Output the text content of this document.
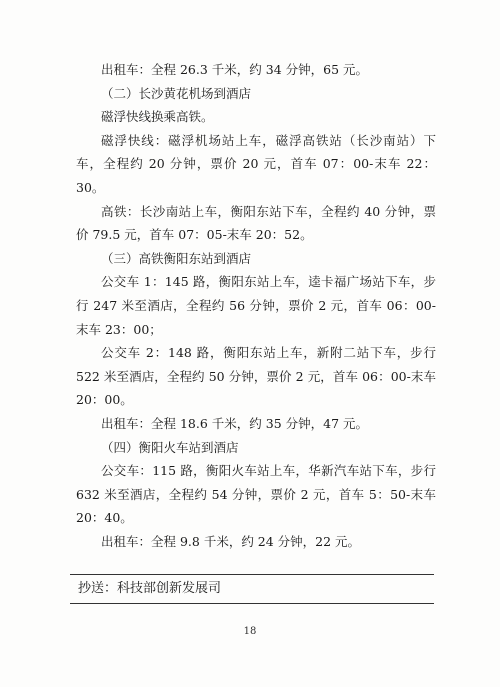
出租车：全程 26.3 千米，约 34 分钟，65 元。

（二）长沙黄花机场到酒店

磁浮快线换乘高铁。

磁浮快线：磁浮机场站上车，磁浮高铁站（长沙南站）下车，全程约 20 分钟，票价 20 元，首车 07：00-末车 22：30。

高铁：长沙南站上车，衡阳东站下车，全程约 40 分钟，票价 79.5 元，首车 07：05-末车 20：52。

（三）高铁衡阳东站到酒店

公交车 1：145 路，衡阳东站上车，逵卡福广场站下车，步行 247 米至酒店，全程约 56 分钟，票价 2 元，首车 06：00-末车 23：00；

公交车 2：148 路，衡阳东站上车，新附二站下车，步行 522 米至酒店，全程约 50 分钟，票价 2 元，首车 06：00-末车 20：00。

出租车：全程 18.6 千米，约 35 分钟，47 元。

（四）衡阳火车站到酒店

公交车：115 路，衡阳火车站上车，华新汽车站下车，步行 632 米至酒店，全程约 54 分钟，票价 2 元，首车 5：50-末车 20：40。

出租车：全程 9.8 千米，约 24 分钟，22 元。

抄送：科技部创新发展司
18
